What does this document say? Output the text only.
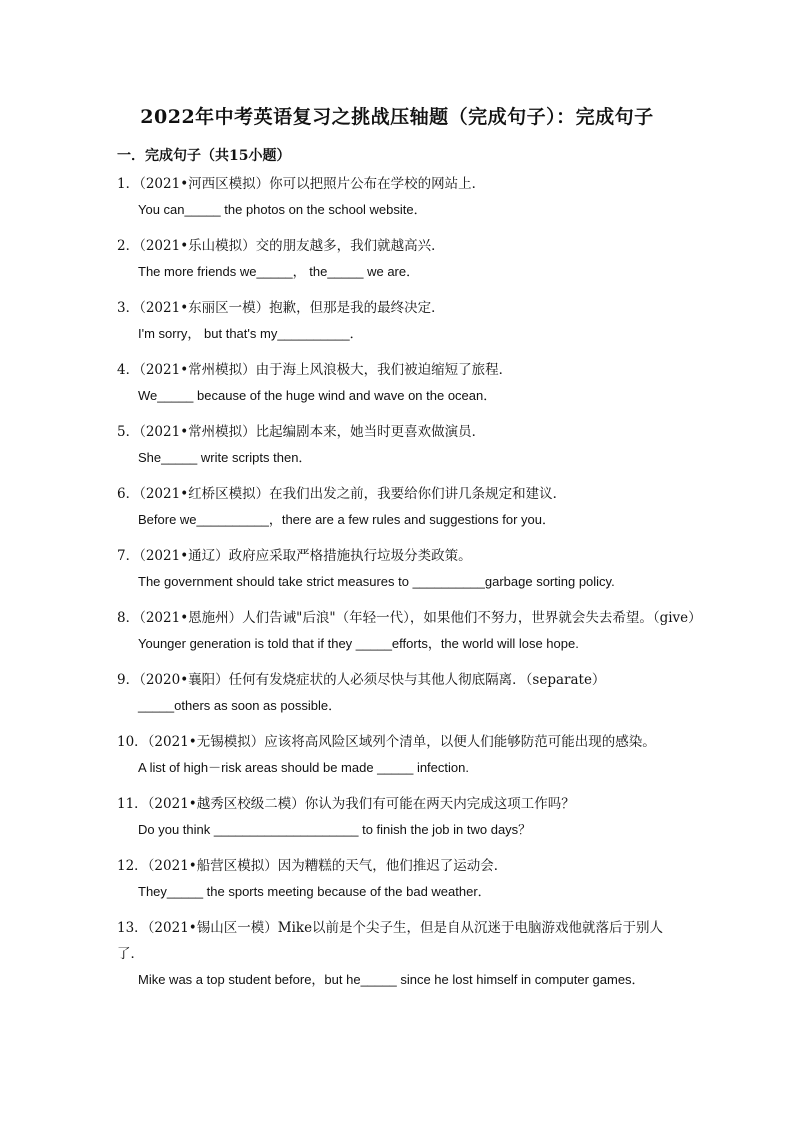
2022年中考英语复习之挑战压轴题（完成句子）：完成句子
一．完成句子（共15小题）
1．（2021•河西区模拟）你可以把照片公布在学校的网站上．
You can_____ the photos on the school website．
2．（2021•乐山模拟）交的朋友越多，我们就越高兴．
The more friends we_____， the_____ we are．
3．（2021•东丽区一模）抱歉，但那是我的最终决定．
I'm sorry， but that's my__________．
4．（2021•常州模拟）由于海上风浪极大，我们被迫缩短了旅程．
We_____ because of the huge wind and wave on the ocean．
5．（2021•常州模拟）比起编剧本来，她当时更喜欢做演员．
She_____ write scripts then．
6．（2021•红桥区模拟）在我们出发之前，我要给你们讲几条规定和建议．
Before we__________，there are a few rules and suggestions for you．
7．（2021•通辽）政府应采取严格措施执行垃圾分类政策。
The government should take strict measures to __________garbage sorting policy.
8．（2021•恩施州）人们告诫"后浪"（年轻一代），如果他们不努力，世界就会失去希望。（give）
Younger generation is told that if they _____efforts，the world will lose hope.
9．（2020•襄阳）任何有发烧症状的人必须尽快与其他人彻底隔离．（separate）
_____others as soon as possible．
10．（2021•无锡模拟）应该将高风险区域列个清单，以便人们能够防范可能出现的感染。
A list of high－risk areas should be made _____ infection.
11．（2021•越秀区校级二模）你认为我们有可能在两天内完成这项工作吗？
Do you think ____________________ to finish the job in two days？
12．（2021•船营区模拟）因为糟糕的天气，他们推迟了运动会．
They_____ the sports meeting because of the bad weather．
13．（2021•锡山区一模）Mike以前是个尖子生，但是自从沉迷于电脑游戏他就落后于别人了．
Mike was a top student before，but he_____ since he lost himself in computer games．
